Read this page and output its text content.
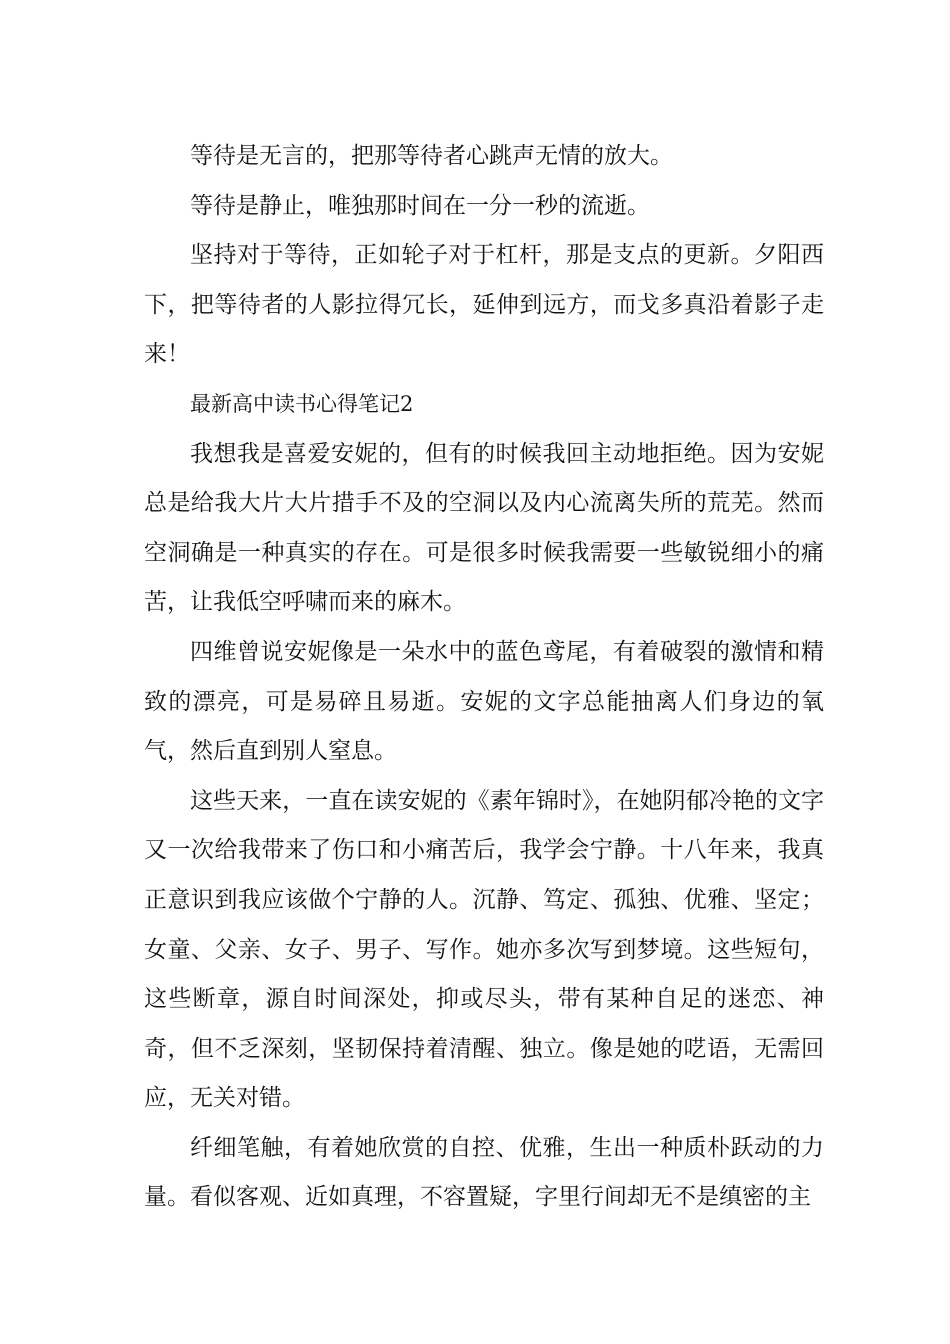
等待是无言的，把那等待者心跳声无情的放大。

等待是静止，唯独那时间在一分一秒的流逝。

坚持对于等待，正如轮子对于杠杆，那是支点的更新。夕阳西下，把等待者的人影拉得冗长，延伸到远方，而戈多真沿着影子走来！

最新高中读书心得笔记2

我想我是喜爱安妮的，但有的时候我回主动地拒绝。因为安妮总是给我大片大片措手不及的空洞以及内心流离失所的荒芜。然而空洞确是一种真实的存在。可是很多时候我需要一些敏锐细小的痛苦，让我低空呼啸而来的麻木。

四维曾说安妮像是一朵水中的蓝色鸢尾，有着破裂的激情和精致的漂亮，可是易碎且易逝。安妮的文字总能抽离人们身边的氧气，然后直到别人窒息。

这些天来，一直在读安妮的《素年锦时》，在她阴郁冷艳的文字又一次给我带来了伤口和小痛苦后，我学会宁静。十八年来，我真正意识到我应该做个宁静的人。沉静、笃定、孤独、优雅、坚定；女童、父亲、女子、男子、写作。她亦多次写到梦境。这些短句，这些断章，源自时间深处，抑或尽头，带有某种自足的迷恋、神奇，但不乏深刻，坚韧保持着清醒、独立。像是她的呓语，无需回应，无关对错。

纤细笔触，有着她欣赏的自控、优雅，生出一种质朴跃动的力量。看似客观、近如真理，不容置疑，字里行间却无不是缜密的主
